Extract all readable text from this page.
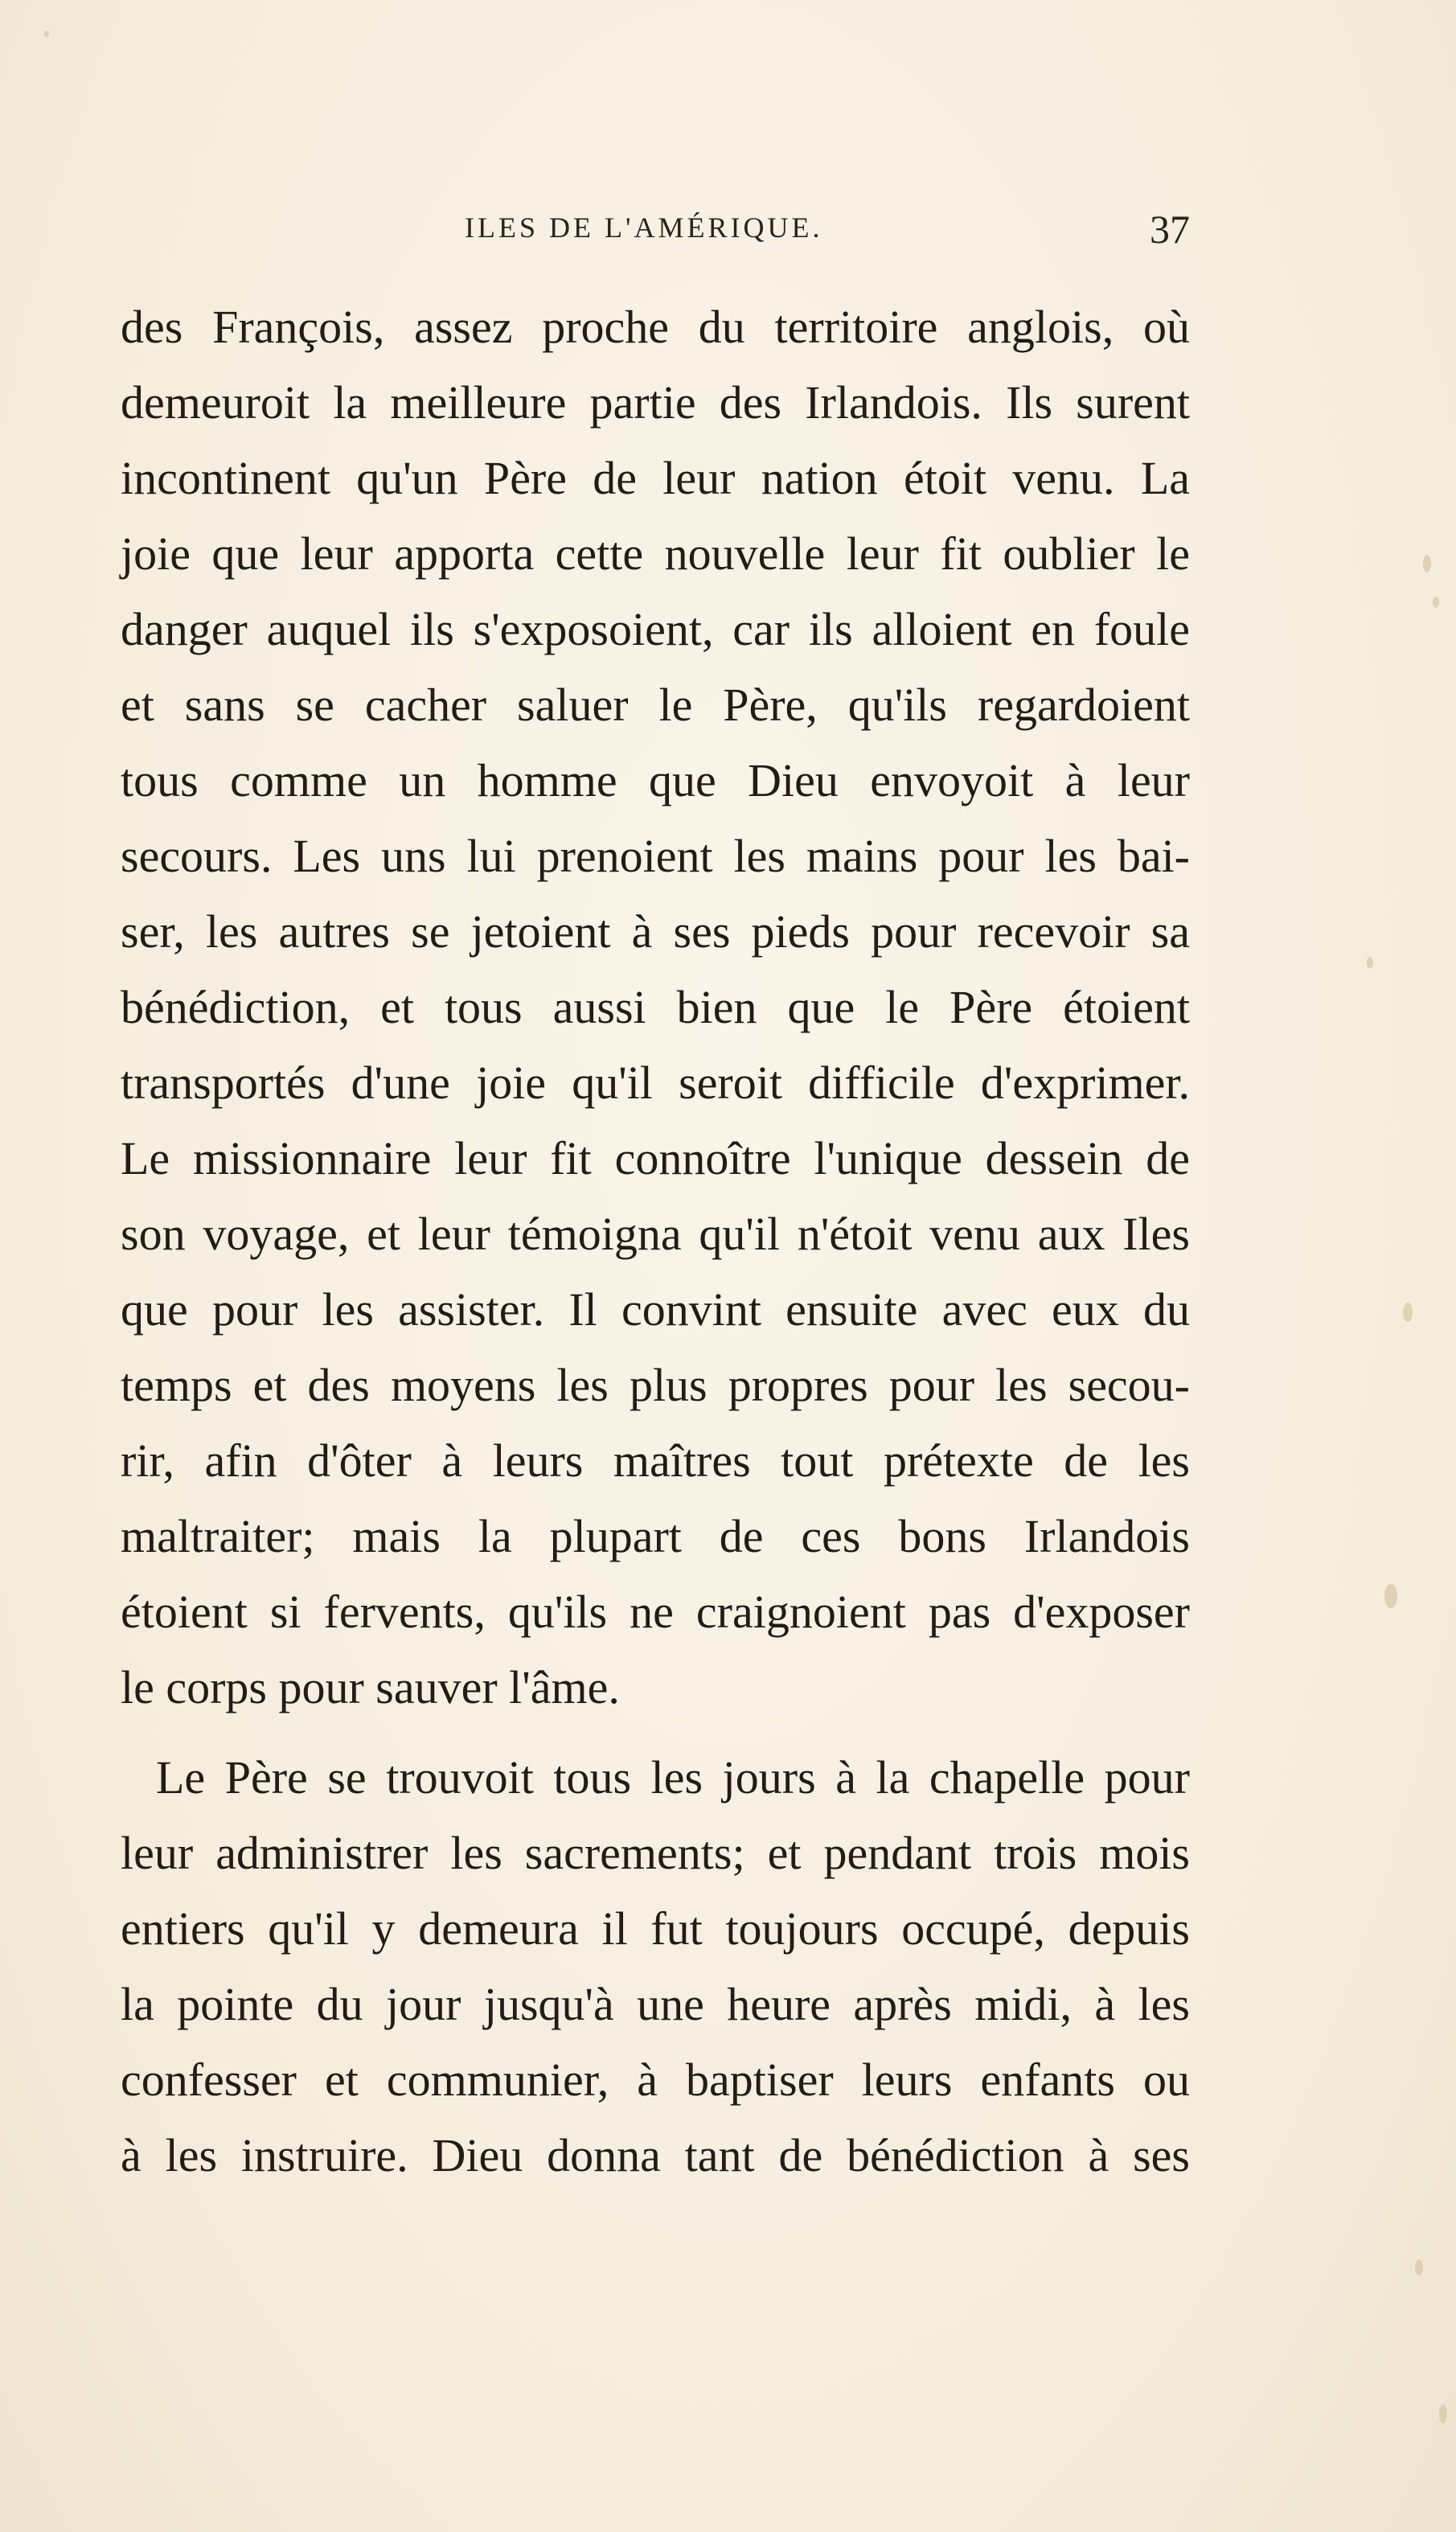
ILES DE L'AMÉRIQUE.	37
des François, assez proche du territoire anglois, où
demeuroit la meilleure partie des Irlandois. Ils surent
incontinent qu'un Père de leur nation étoit venu. La
joie que leur apporta cette nouvelle leur fit oublier le
danger auquel ils s'exposoient, car ils alloient en foule
et sans se cacher saluer le Père, qu'ils regardoient
tous comme un homme que Dieu envoyoit à leur
secours. Les uns lui prenoient les mains pour les bai-
ser, les autres se jetoient à ses pieds pour recevoir sa
bénédiction, et tous aussi bien que le Père étoient
transportés d'une joie qu'il seroit difficile d'exprimer.
Le missionnaire leur fit connoître l'unique dessein de
son voyage, et leur témoigna qu'il n'étoit venu aux Iles
que pour les assister. Il convint ensuite avec eux du
temps et des moyens les plus propres pour les secou-
rir, afin d'ôter à leurs maîtres tout prétexte de les
maltraiter; mais la plupart de ces bons Irlandois
étoient si fervents, qu'ils ne craignoient pas d'exposer
le corps pour sauver l'âme.
Le Père se trouvoit tous les jours à la chapelle pour
leur administrer les sacrements; et pendant trois mois
entiers qu'il y demeura il fut toujours occupé, depuis
la pointe du jour jusqu'à une heure après midi, à les
confesser et communier, à baptiser leurs enfants ou
à les instruire. Dieu donna tant de bénédiction à ses
